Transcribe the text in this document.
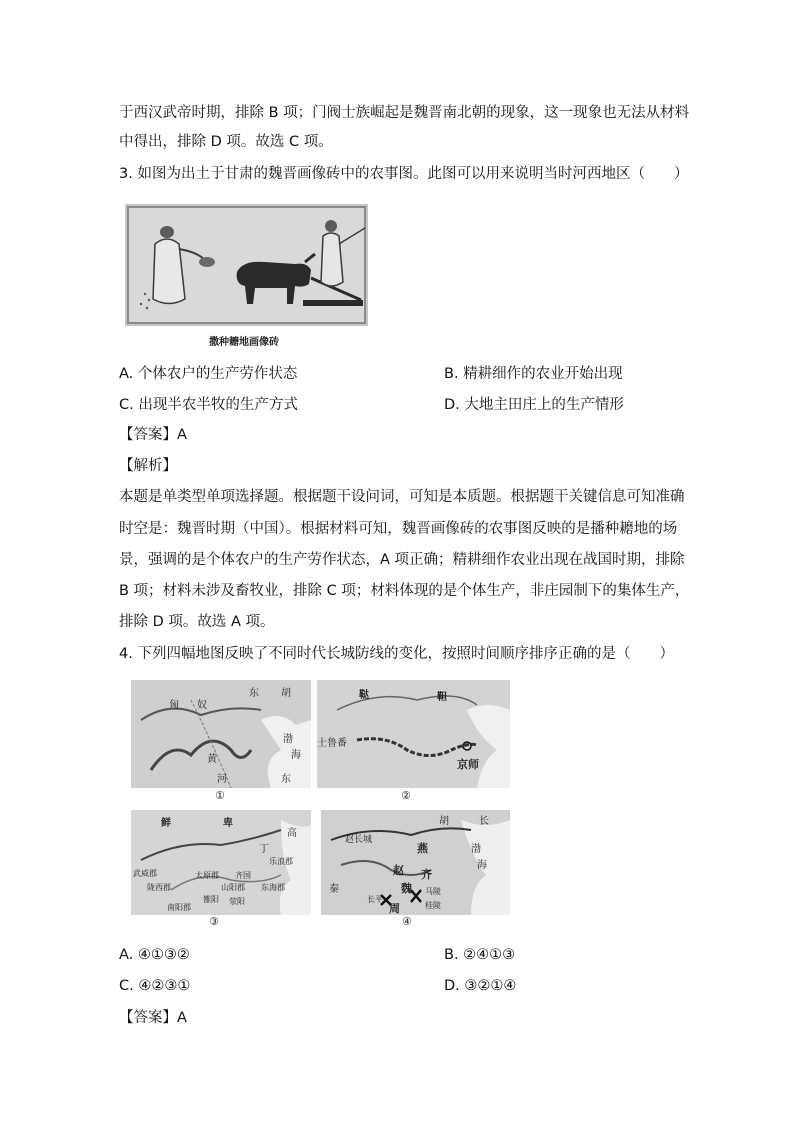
于西汉武帝时期，排除 B 项；门阀士族崛起是魏晋南北朝的现象，这一现象也无法从材料
中得出，排除 D 项。故选 C 项。
3. 如图为出土于甘肃的魏晋画像砖中的农事图。此图可以用来说明当时河西地区（　　）
撒种耱地画像砖
A. 个体农户的生产劳作状态	B. 精耕细作的农业开始出现
C. 出现半农半牧的生产方式	D. 大地主田庄上的生产情形
【答案】A
【解析】
本题是单类型单项选择题。根据题干设问词，可知是本质题。根据题干关键信息可知准确
时空是：魏晋时期（中国）。根据材料可知，魏晋画像砖的农事图反映的是播种耱地的场
景，强调的是个体农户的生产劳作状态，A 项正确；精耕细作农业出现在战国时期，排除
B 项；材料未涉及畜牧业，排除 C 项；材料体现的是个体生产，非庄园制下的集体生产，
排除 D 项。故选 A 项。
4. 下列四幅地图反映了不同时代长城防线的变化，按照时间顺序排序正确的是（　　）
匈 奴
东 胡
黄
河
渤
海
东
①
鞑	靼
土鲁番
京师
②
鲜	卑
高
丁
武威郡
陇西郡
太原郡 齐国
东海郡
乐浪郡
雒阳
南阳郡
山阳郡
荥阳
③
胡	长
赵长城
燕
赵
魏
齐
周
长平
马陵
桂陵
秦
渤
海
④
A. ④①③②	B. ②④①③
C. ④②③①	D. ③②①④
【答案】A
